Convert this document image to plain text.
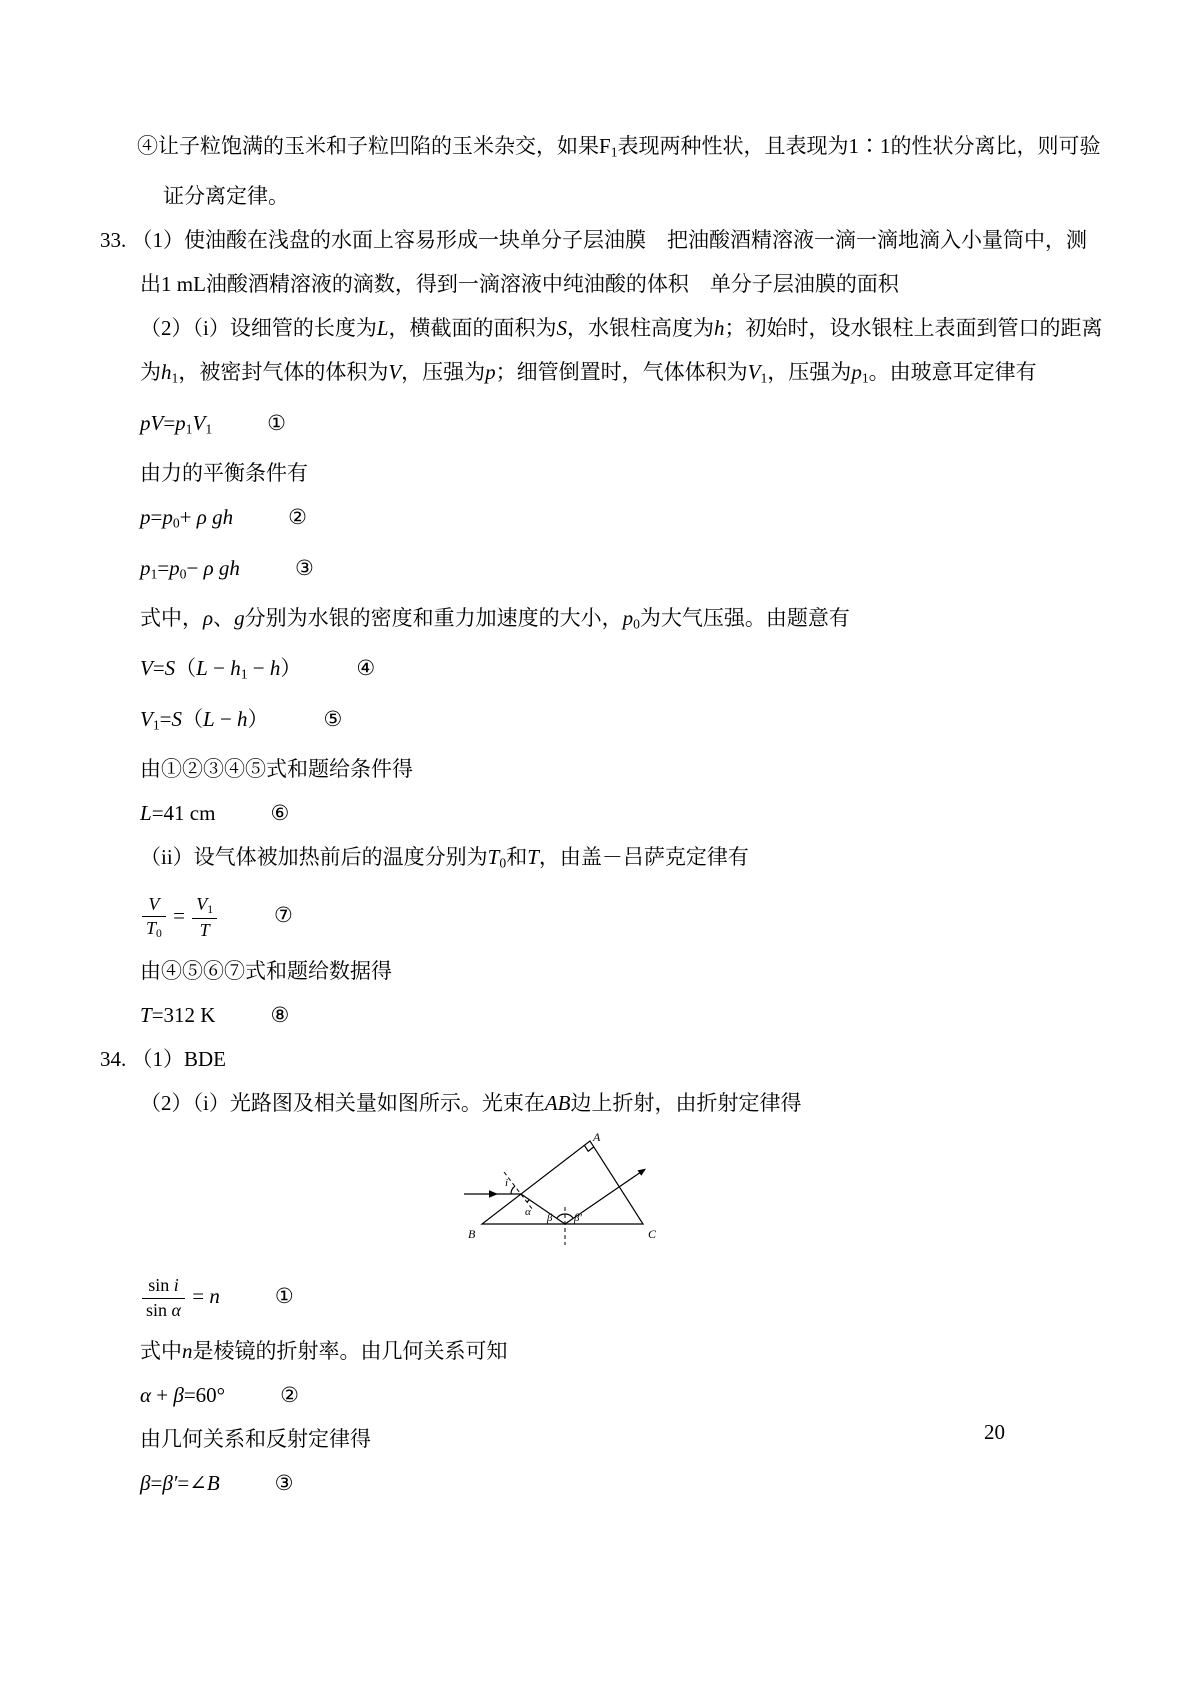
④让子粒饱满的玉米和子粒凹陷的玉米杂交，如果$F_1$表现两种性状，且表现为1∶1的性状分离比，则可验证分离定律。
33. （1）使油酸在浅盘的水面上容易形成一块单分子层油膜　把油酸酒精溶液一滴一滴地滴入小量筒中，测出1 mL油酸酒精溶液的滴数，得到一滴溶液中纯油酸的体积　单分子层油膜的面积
（2）（i）设细管的长度为L，横截面的面积为S，水银柱高度为h；初始时，设水银柱上表面到管口的距离为$h_1$，被密封气体的体积为V，压强为p；细管倒置时，气体体积为$V_1$，压强为$p_1$。由玻意耳定律有
$pV=p_1V_1$	①
由力的平衡条件有
$p=p_0+ \rho$ gh	②
$p_1=p_0- \rho$ gh	③
式中，ρ、g分别为水银的密度和重力加速度的大小，$p_0$为大气压强。由题意有
$V=S(L - h_1 - h)$	④
$V_1=S(L - h)$	⑤
由①②③④⑤式和题给条件得
L=41 cm	⑥
（ii）设气体被加热前后的温度分别为$T_0$和T，由盖－吕萨克定律有
$\frac{V}{T_0} = \frac{V_1}{T}$	⑦
由④⑤⑥⑦式和题给数据得
T=312 K	⑧
34. （1）BDE
（2）（i）光路图及相关量如图所示。光束在AB边上折射，由折射定律得
A
B	C
i
α β β′
$\frac{\text{sin i}}{\text{sin α}} = n$	①
式中n是棱镜的折射率。由几何关系可知
α + β=60°	②
由几何关系和反射定律得
β=β′=∠B	③
20
